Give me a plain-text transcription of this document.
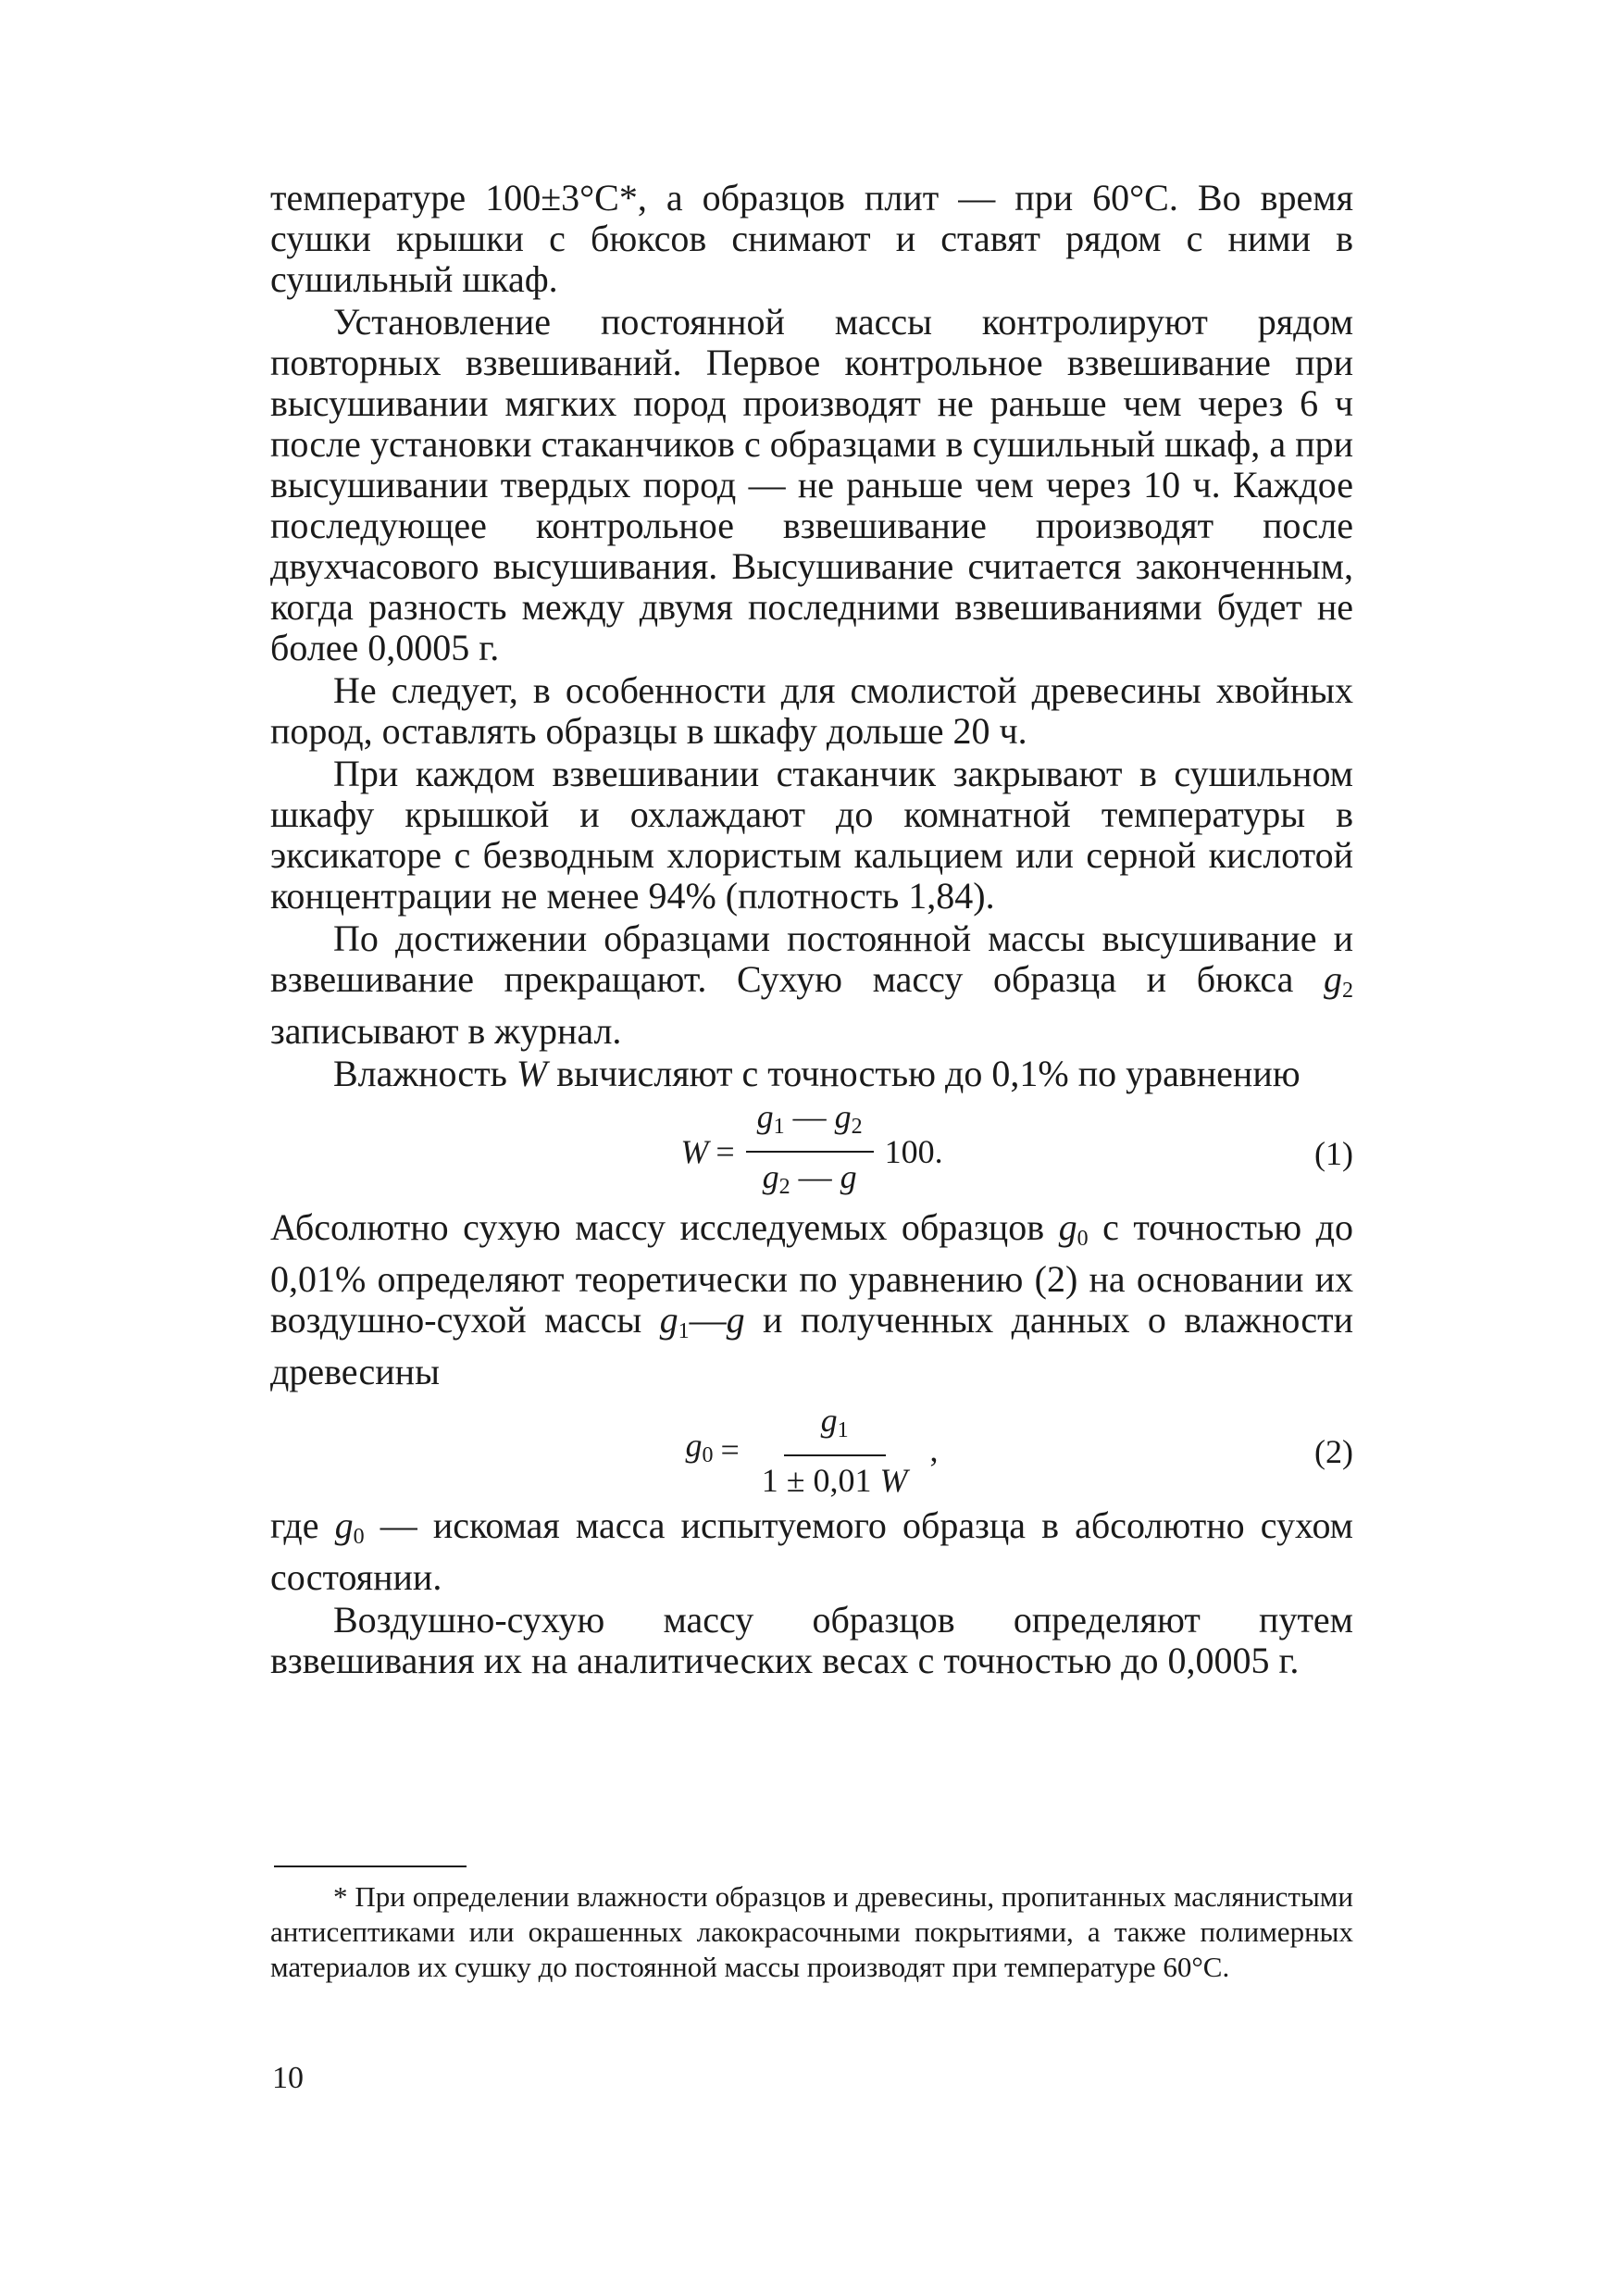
температуре 100±3°С*, а образцов плит — при 60°С. Во время сушки крышки с бюксов снимают и ставят рядом с ними в сушильный шкаф.

Установление постоянной массы контролируют рядом повторных взвешиваний. Первое контрольное взвешивание при высушивании мягких пород производят не раньше чем через 6 ч после установки стаканчиков с образцами в сушильный шкаф, а при высушивании твердых пород — не раньше чем через 10 ч. Каждое последующее контрольное взвешивание производят после двухчасового высушивания. Высушивание считается законченным, когда разность между двумя последними взвешиваниями будет не более 0,0005 г.

Не следует, в особенности для смолистой древесины хвойных пород, оставлять образцы в шкафу дольше 20 ч.

При каждом взвешивании стаканчик закрывают в сушильном шкафу крышкой и охлаждают до комнатной температуры в эксикаторе с безводным хлористым кальцием или серной кислотой концентрации не менее 94% (плотность 1,84).

По достижении образцами постоянной массы высушивание и взвешивание прекращают. Сухую массу образца и бюкса $g_2$ записывают в журнал.

Влажность W вычисляют с точностью до 0,1% по уравнению

$W = \frac{g_1 — g_2}{g_2 — g} 100$.	(1)

Абсолютно сухую массу исследуемых образцов $g_0$ с точностью до 0,01% определяют теоретически по уравнению (2) на основании их воздушно-сухой массы $g_1—g$ и полученных данных о влажности древесины

$g_0 = \frac{g_1}{1 \pm 0,01 W}$ ,	(2)

где $g_0$ — искомая масса испытуемого образца в абсолютно сухом состоянии.

Воздушно-сухую массу образцов определяют путем взвешивания их на аналитических весах с точностью до 0,0005 г.

* При определении влажности образцов и древесины, пропитанных маслянистыми антисептиками или окрашенных лакокрасочными покрытиями, а также полимерных материалов их сушку до постоянной массы производят при температуре 60°С.

10
